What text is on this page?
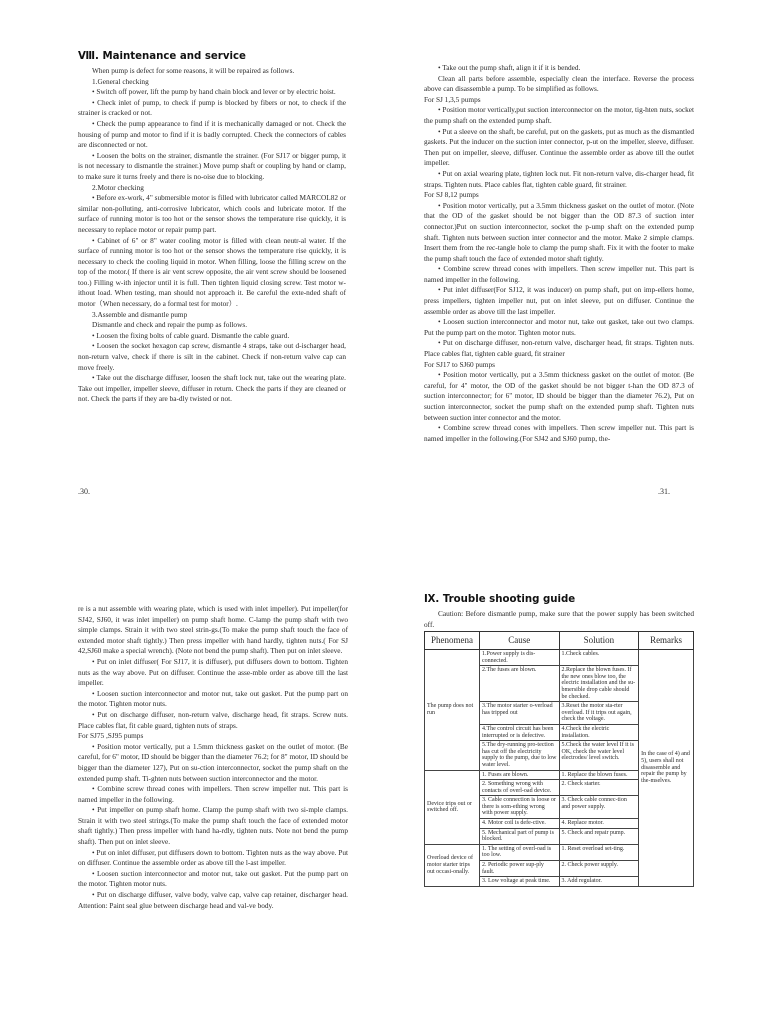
Ⅷ. Maintenance and service

When pump is defect for some reasons, it will be repaired as follows.

1.General checking

• Switch off power, lift the pump by hand chain block and lever or by electric hoist.

• Check inlet of pump, to check if pump is blocked by fibers or not, to check if the strainer is cracked or not.

• Check the pump appearance to find if it is mechanically damaged or not. Check the housing of pump and motor to find if it is badly corrupted. Check the connectors of cables are disconnected or not.

• Loosen the bolts on the strainer, dismantle the strainer. (For SJ17 or bigger pump, it is not necessary to dismantle the strainer.) Move pump shaft or coupling by hand or clamp, to make sure it turns freely and there is no-oise due to blocking.

2.Motor checking

• Before ex-work, 4" submersible motor is filled with lubricator called MARCOL82 or similar non-polluting, anti-corrosive lubricator, which cools and lubricate motor. If the surface of running motor is too hot or the sensor shows the temperature rise quickly, it is necessary to replace motor or repair pump part.

• Cabinet of 6" or 8" water cooling motor is filled with clean neutr-al water. If the surface of running motor is too hot or the sensor shows the temperature rise quickly, it is necessary to check the cooling liquid in motor. When filling, loose the filling screw on the top of the motor.( If there is air vent screw opposite, the air vent screw should be loosened too.) Filling w-ith injector until it is full. Then tighten liquid closing screw. Test motor w-ithout load. When testing, man should not approach it. Be careful the exte-nded shaft of motor（When necessary, do a formal test for motor）.

3.Assemble and dismantle pump

Dismantle and check and repair the pump as follows.

• Loosen the fixing bolts of cable guard. Dismantle the cable guard.

• Loosen the socket hexagon cap screw, dismantle 4 straps, take out d-ischarger head, non-return valve, check if there is silt in the cabinet. Check if non-return valve cap can move freely.

• Take out the discharge diffuser, loosen the shaft lock nut, take out the wearing plate. Take out impeller, impeller sleeve, diffuser in return. Check the parts if they are cleaned or not. Check the parts if they are ba-dly twisted or not.

.30.

• Take out the pump shaft, align it if it is bended.

Clean all parts before assemble, especially clean the interface. Reverse the process above can disassemble a pump. To be simplified as follows.

For SJ 1,3,5 pumps

• Position motor vertically,put suction interconnector on the motor, tig-hten nuts, socket the pump shaft on the extended pump shaft.

• Put a sleeve on the shaft, be careful, put on the gaskets, put as much as the dismantled gaskets. Put the inducer on the suction inter connector, p-ut on the impeller, sleeve, diffuser. Then put on impeller, sleeve, diffuser. Continue the assemble order as above till the outlet impeller.

• Put on axial wearing plate, tighten lock nut. Fit non-return valve, dis-charger head, fit straps. Tighten nuts. Place cables flat, tighten cable guard, fit strainer.

For SJ 8,12 pumps

• Position motor vertically, put a 3.5mm thickness gasket on the outlet of motor. (Note that the OD of the gasket should be not bigger than the OD 87.3 of suction inter connector.)Put on suction interconnector, socket the p-ump shaft on the extended pump shaft. Tighten nuts between suction inter connector and the motor. Make 2 simple clamps. Insert them from the rec-tangle hole to clamp the pump shaft. Fix it with the footer to make the pump shaft touch the face of extended motor shaft tightly.

• Combine screw thread cones with impellers. Then screw impeller nut. This part is named impeller in the following.

• Put inlet diffuser(For SJ12, it was inducer) on pump shaft, put on imp-ellers home, press impellers, tighten impeller nut, put on inlet sleeve, put on diffuser. Continue the assemble order as above till the last impeller.

• Loosen suction interconnector and motor nut, take out gasket, take out two clamps. Put the pump part on the motor. Tighten motor nuts.

• Put on discharge diffuser, non-return valve, discharger head, fit straps. Tighten nuts. Place cables flat, tighten cable guard, fit strainer

For SJ17 to SJ60 pumps

• Position motor vertically, put a 3.5mm thickness gasket on the outlet of motor. (Be careful, for 4" motor, the OD of the gasket should be not bigger t-han the OD 87.3 of suction interconnector; for 6" motor, ID should be bigger than the diameter 76.2), Put on suction interconnector, socket the pump shaft on the extended pump shaft. Tighten nuts between suction inter connector and the motor.

• Combine screw thread cones with impellers. Then screw impeller nut. This part is named impeller in the following.(For SJ42 and SJ60 pump, the-

.31.

re is a nut assemble with wearing plate, which is used with inlet impeller). Put impeller(for SJ42, SJ60, it was inlet impeller) on pump shaft home. C-lamp the pump shaft with two simple clamps. Strain it with two steel strin-gs.(To make the pump shaft touch the face of extended motor shaft tightly.) Then press impeller with hand hardly, tighten nuts.( For SJ 42,SJ60 make a special wrench). (Note not bend the pump shaft). Then put on inlet sleeve.

• Put on inlet diffuser( For SJ17, it is diffuser), put diffusers down to bottom. Tighten nuts as the way above. Put on diffuser. Continue the asse-mble order as above till the last impeller.

• Loosen suction interconnector and motor nut, take out gasket. Put the pump part on the motor. Tighten motor nuts.

• Put on discharge diffuser, non-return valve, discharge head, fit straps. Screw nuts. Place cables flat, fit cable guard, tighten nuts of straps.

For SJ75 ,SJ95 pumps

• Position motor vertically, put a 1.5mm thickness gasket on the outlet of motor. (Be careful, for 6" motor, ID should be bigger than the diameter 76.2; for 8" motor, ID should be bigger than the diameter 127), Put on su-ction interconnector, socket the pump shaft on the extended pump shaft. Ti-ghten nuts between suction interconnector and the motor.

• Combine screw thread cones with impellers. Then screw impeller nut. This part is named impeller in the following.

• Put impeller on pump shaft home. Clamp the pump shaft with two si-mple clamps. Strain it with two steel strings.(To make the pump shaft touch the face of extended motor shaft tightly.) Then press impeller with hand ha-rdly, tighten nuts. Note not bend the pump shaft). Then put on inlet sleeve.

• Put on inlet diffuser, put diffusers down to bottom. Tighten nuts as the way above. Put on diffuser. Continue the assemble order as above till the l-ast impeller.

• Loosen suction interconnector and motor nut, take out gasket. Put the pump part on the motor. Tighten motor nuts.

• Put on discharge diffuser, valve body, valve cap, valve cap retainer, discharger head. Attention: Paint seal glue between discharge head and val-ve body.

Ⅸ. Trouble shooting guide

Caution: Before dismantle pump, make sure that the power supply has been switched off.

Phenomena	Cause	Solution	Remarks
The pump does not run	1.Power supply is dis-connected.	1.Check cables.	In the case of 4) and 5), users shall not disassemble and repair the pump by the-mselves.
	2.The fuses are blown.	2.Replace the blown fuses. If the new ones blow too, the electric installation and the su-bmersible drop cable should be checked.	
	3.The motor starter o-verload has tripped out	3.Reset the motor sta-rter overload. If it trips out again, check the voltage.	
	4.The control circuit has been interrupted or is defective.	4.Check the electric installation.	
	5.The dry-running pro-tection has cut off the electricity supply to the pump, due to low water level.	5.Check the water level If it is OK, check the water level electrodes/ level switch.	
Device trips out or switched off.	1. Fuses are blown.	1. Replace the blown fuses.	
	2. Something wrong with contacts of overl-oad device.	2. Check starter.	
	3. Cable connection is loose or there is som-ething wrong with power supply.	3. Check cable connec-tion and power supply.	
	4. Motor coil is defe-ctive.	4. Replace motor.	
	5. Mechanical part of pump is blocked.	5. Check and repair pump.	
Overload device of motor starter trips out occasi-onally.	1. The setting of overl-oad is too low.	1. Reset overload set-ting.	
	2. Periodic power sup-ply fault.	2. Check power supply.	
	3. Low voltage at peak time.	3. Add regulator.	
